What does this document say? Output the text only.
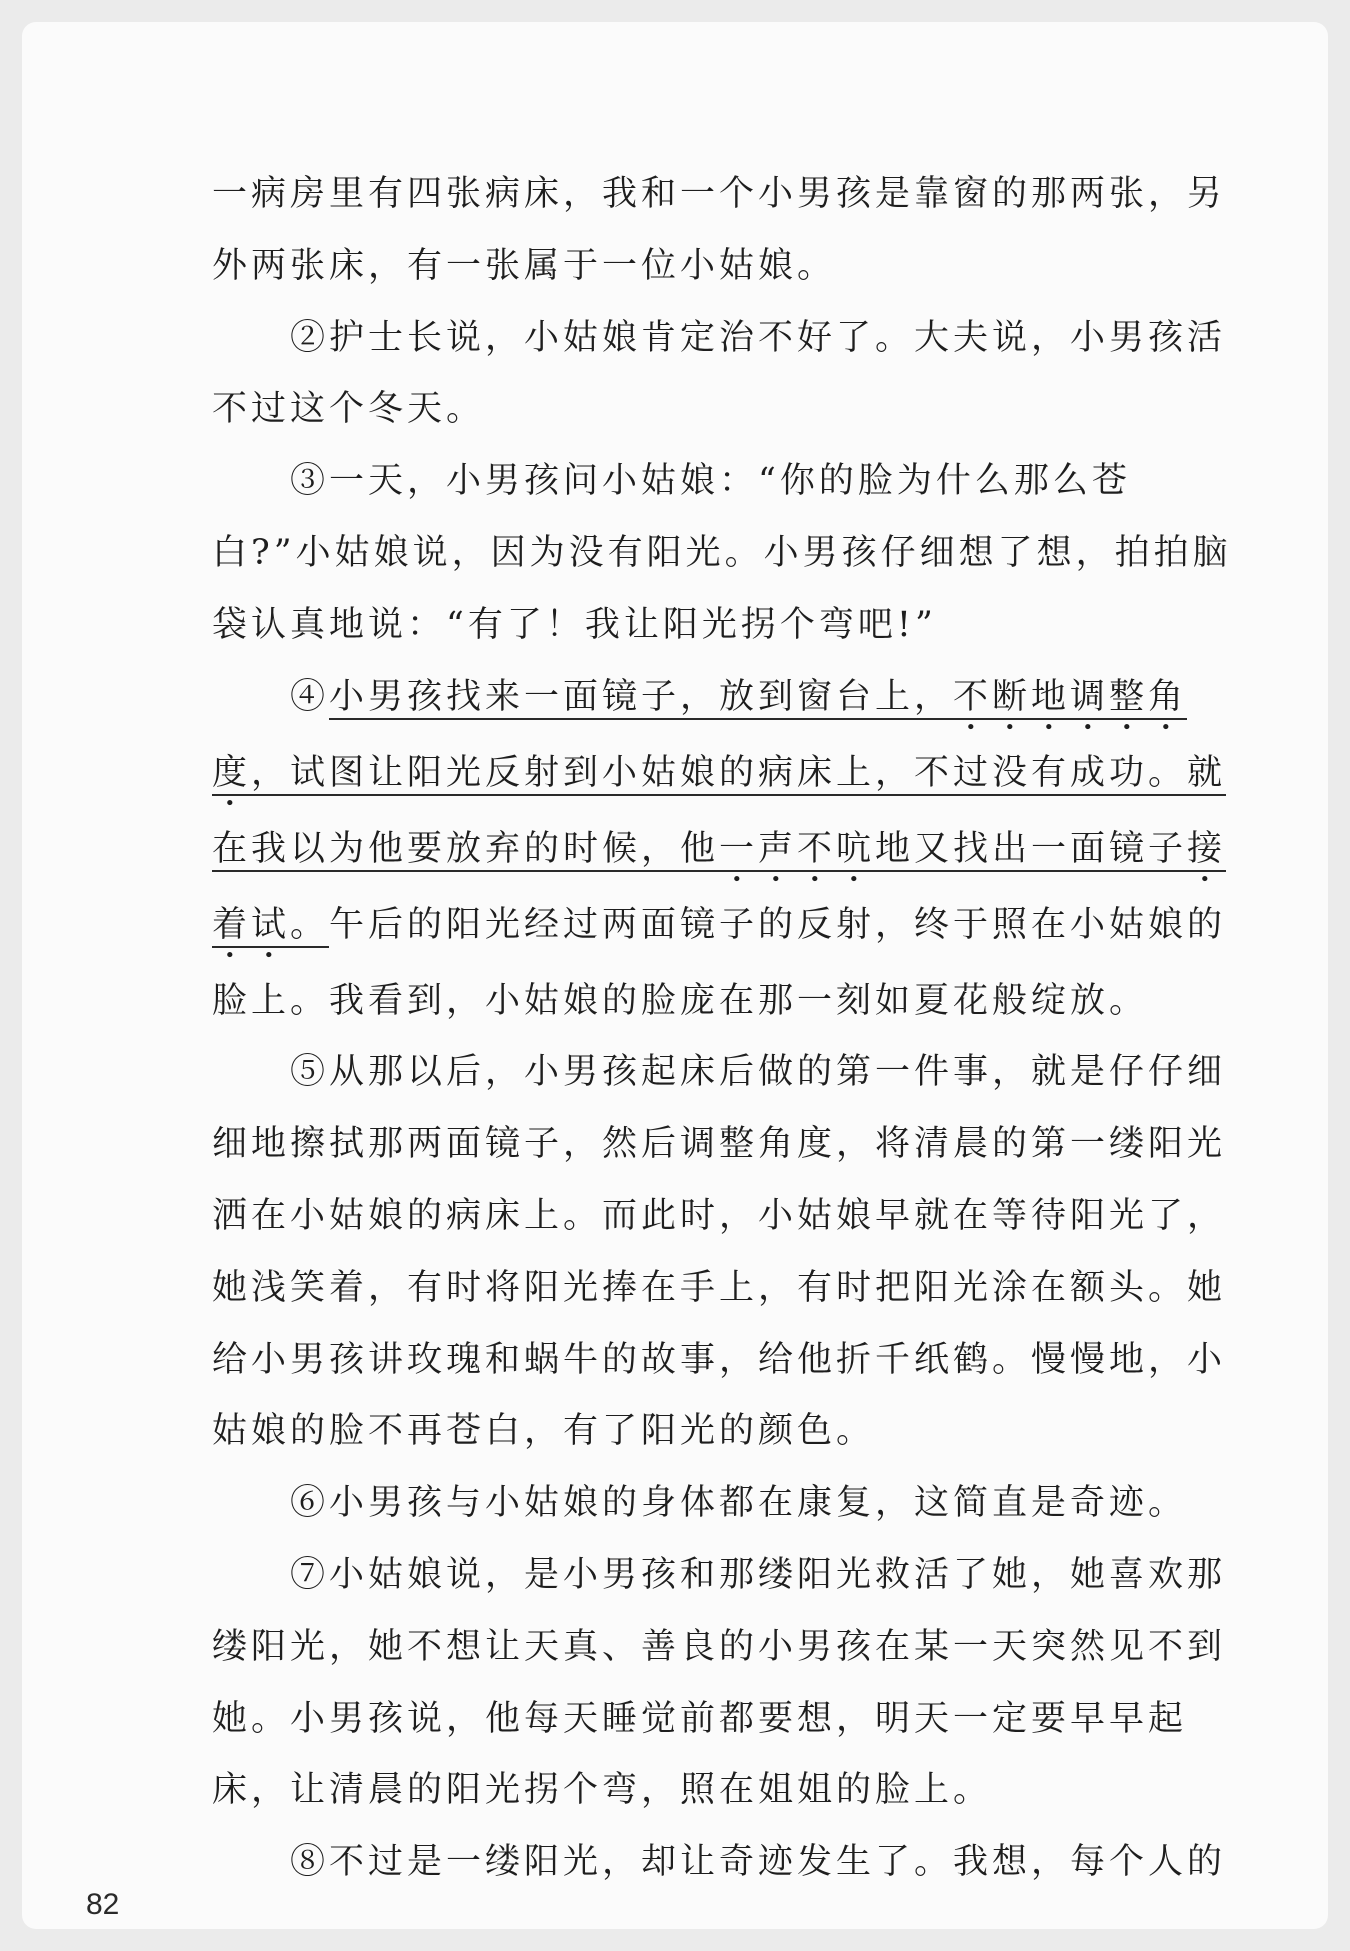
一病房里有四张病床，我和一个小男孩是靠窗的那两张，另外两张床，有一张属于一位小姑娘。

②护士长说，小姑娘肯定治不好了。大夫说，小男孩活不过这个冬天。

③一天，小男孩问小姑娘：“你的脸为什么那么苍白?”小姑娘说，因为没有阳光。小男孩仔细想了想，拍拍脑袋认真地说：“有了！我让阳光拐个弯吧!”

④小男孩找来一面镜子，放到窗台上，不断地调整角度，试图让阳光反射到小姑娘的病床上，不过没有成功。就在我以为他要放弃的时候，他一声不吭地又找出一面镜子接着试。午后的阳光经过两面镜子的反射，终于照在小姑娘的脸上。我看到，小姑娘的脸庞在那一刻如夏花般绽放。

⑤从那以后，小男孩起床后做的第一件事，就是仔仔细细地擦拭那两面镜子，然后调整角度，将清晨的第一缕阳光洒在小姑娘的病床上。而此时，小姑娘早就在等待阳光了，她浅笑着，有时将阳光捧在手上，有时把阳光涂在额头。她给小男孩讲玫瑰和蜗牛的故事，给他折千纸鹤。慢慢地，小姑娘的脸不再苍白，有了阳光的颜色。

⑥小男孩与小姑娘的身体都在康复，这简直是奇迹。

⑦小姑娘说，是小男孩和那缕阳光救活了她，她喜欢那缕阳光，她不想让天真、善良的小男孩在某一天突然见不到她。小男孩说，他每天睡觉前都要想，明天一定要早早起床，让清晨的阳光拐个弯，照在姐姐的脸上。

⑧不过是一缕阳光，却让奇迹发生了。我想，每个人的

82
